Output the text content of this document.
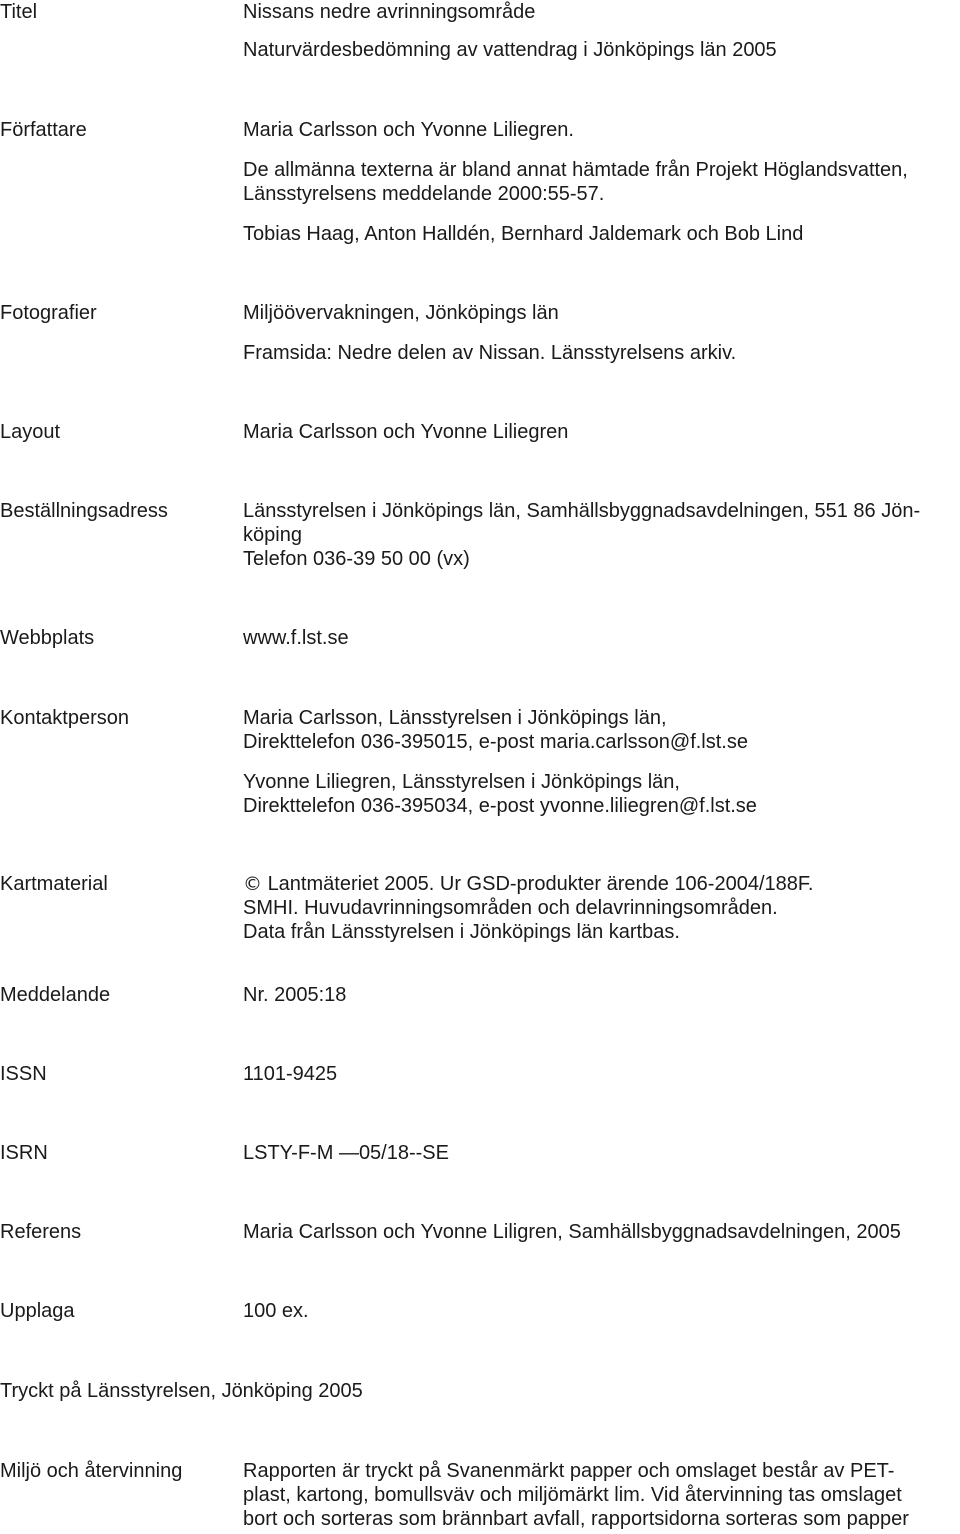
Titel	Nissans nedre avrinningsområde
Naturvärdesbedömning av vattendrag i Jönköpings län 2005
Författare	Maria Carlsson och Yvonne Liliegren.
De allmänna texterna är bland annat hämtade från Projekt Höglandsvatten,
Länsstyrelsens meddelande 2000:55-57.
Tobias Haag, Anton Halldén, Bernhard Jaldemark och Bob Lind
Fotografier	Miljöövervakningen, Jönköpings län
Framsida: Nedre delen av Nissan. Länsstyrelsens arkiv.
Layout	Maria Carlsson och Yvonne Liliegren
Beställningsadress	Länsstyrelsen i Jönköpings län, Samhällsbyggnadsavdelningen, 551 86 Jön-
köping
Telefon 036-39 50 00 (vx)
Webbplats	www.f.lst.se
Kontaktperson	Maria Carlsson, Länsstyrelsen i Jönköpings län,
Direkttelefon 036-395015, e-post maria.carlsson@f.lst.se
Yvonne Liliegren, Länsstyrelsen i Jönköpings län,
Direkttelefon 036-395034, e-post yvonne.liliegren@f.lst.se
Kartmaterial	© Lantmäteriet 2005. Ur GSD-produkter ärende 106-2004/188F.
SMHI. Huvudavrinningsområden och delavrinningsområden.
Data från Länsstyrelsen i Jönköpings län kartbas.
Meddelande	Nr. 2005:18
ISSN	1101-9425
ISRN	LSTY-F-M —05/18--SE
Referens	Maria Carlsson och Yvonne Liligren, Samhällsbyggnadsavdelningen, 2005
Upplaga	100 ex.
Tryckt på Länsstyrelsen, Jönköping 2005
Miljö och återvinning	Rapporten är tryckt på Svanenmärkt papper och omslaget består av PET-
plast, kartong, bomullsväv och miljömärkt lim. Vid återvinning tas omslaget
bort och sorteras som brännbart avfall, rapportsidorna sorteras som papper
